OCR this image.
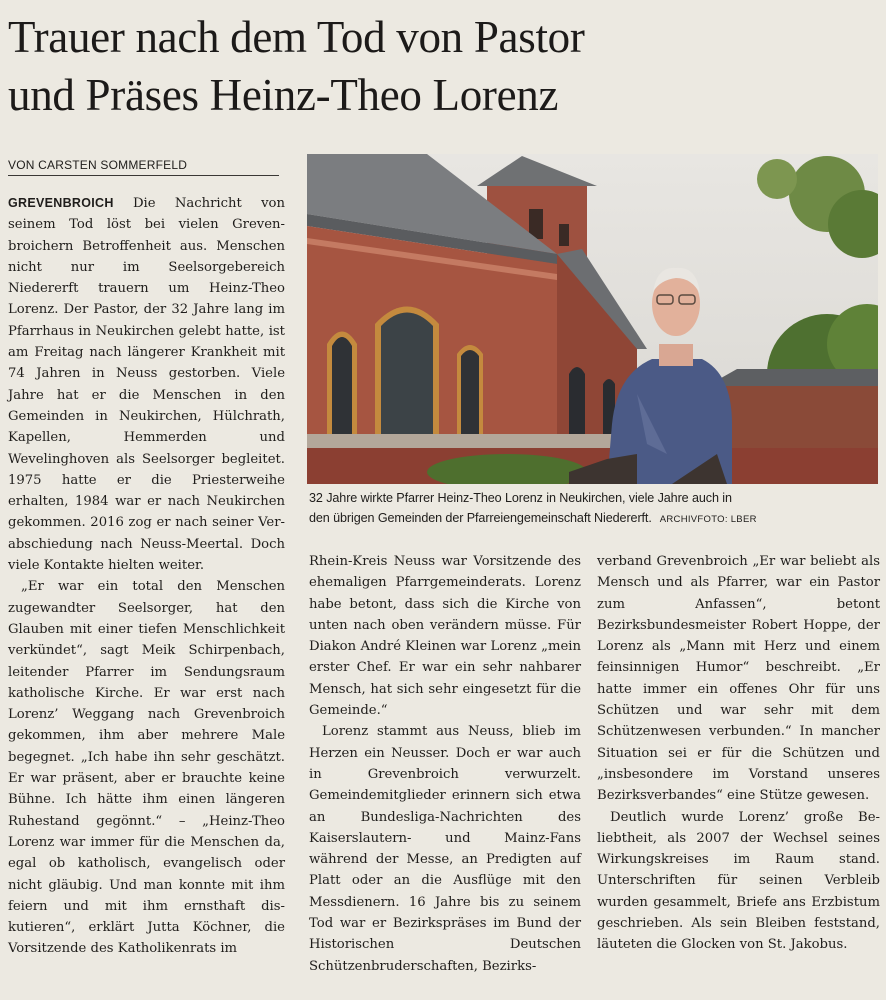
Trauer nach dem Tod von Pastor
und Präses Heinz-Theo Lorenz
VON CARSTEN SOMMERFELD

GREVENBROICH Die Nachricht von seinem Tod löst bei vielen Grevenbroichern Betroffenheit aus. Menschen nicht nur im Seelsorgebereich Niedererft trauern um Heinz-Theo Lorenz. Der Pastor, der 32 Jahre lang im Pfarrhaus in Neukirchen gelebt hatte, ist am Freitag nach längerer Krankheit mit 74 Jahren in Neuss gestorben. Viele Jahre hat er die Menschen in den Gemeinden in Neukirchen, Hülchrath, Kapellen, Hemmerden und Wevelinghoven als Seelsorger begleitet. 1975 hatte er die Priesterweihe erhalten, 1984 war er nach Neukirchen gekommen. 2016 zog er nach seiner Verabschiedung nach Neuss-Meertal. Doch viele Kontakte hielten weiter.

„Er war ein total den Menschen zugewandter Seelsorger, hat den Glauben mit einer tiefen Menschlichkeit verkündet“, sagt Meik Schirpenbach, leitender Pfarrer im Sendungsraum katholische Kirche. Er war erst nach Lorenz’ Weggang nach Grevenbroich gekommen, ihm aber mehrere Male begegnet. „Ich habe ihn sehr geschätzt. Er war präsent, aber er brauchte keine Bühne. Ich hätte ihm einen längeren Ruhestand gegönnt.“ – „Heinz-Theo Lorenz war immer für die Menschen da, egal ob katholisch, evangelisch oder nicht gläubig. Und man konnte mit ihm feiern und mit ihm ernsthaft diskutieren“, erklärt Jutta Köchner, die Vorsitzende des Katholikenrats im

32 Jahre wirkte Pfarrer Heinz-Theo Lorenz in Neukirchen, viele Jahre auch in
den übrigen Gemeinden der Pfarreiengemeinschaft Niedererft. ARCHIVFOTO: LBER

Rhein-Kreis Neuss war Vorsitzende des ehemaligen Pfarrgemeinderats. Lorenz habe betont, dass sich die Kirche von unten nach oben verändern müsse. Für Diakon André Kleinen war Lorenz „mein erster Chef. Er war ein sehr nahbarer Mensch, hat sich sehr eingesetzt für die Gemeinde.“

Lorenz stammt aus Neuss, blieb im Herzen ein Neusser. Doch er war auch in Grevenbroich verwurzelt. Gemeindemitglieder erinnern sich etwa an Bundesliga-Nachrichten des Kaiserslautern- und Mainz-Fans während der Messe, an Predigten auf Platt oder an die Ausflüge mit den Messdienern. 16 Jahre bis zu seinem Tod war er Bezirkspräses im Bund der Historischen Deutschen Schützenbruderschaften, Bezirks-

verband Grevenbroich „Er war beliebt als Mensch und als Pfarrer, war ein Pastor zum Anfassen“, betont Bezirksbundesmeister Robert Hoppe, der Lorenz als „Mann mit Herz und einem feinsinnigen Humor“ beschreibt. „Er hatte immer ein offenes Ohr für uns Schützen und war sehr mit dem Schützenwesen verbunden.“ In mancher Situation sei er für die Schützen und „insbesondere im Vorstand unseres Bezirksverbandes“ eine Stütze gewesen.

Deutlich wurde Lorenz’ große Beliebtheit, als 2007 der Wechsel seines Wirkungskreises im Raum stand. Unterschriften für seinen Verbleib wurden gesammelt, Briefe ans Erzbistum geschrieben. Als sein Bleiben feststand, läuteten die Glocken von St. Jakobus.
